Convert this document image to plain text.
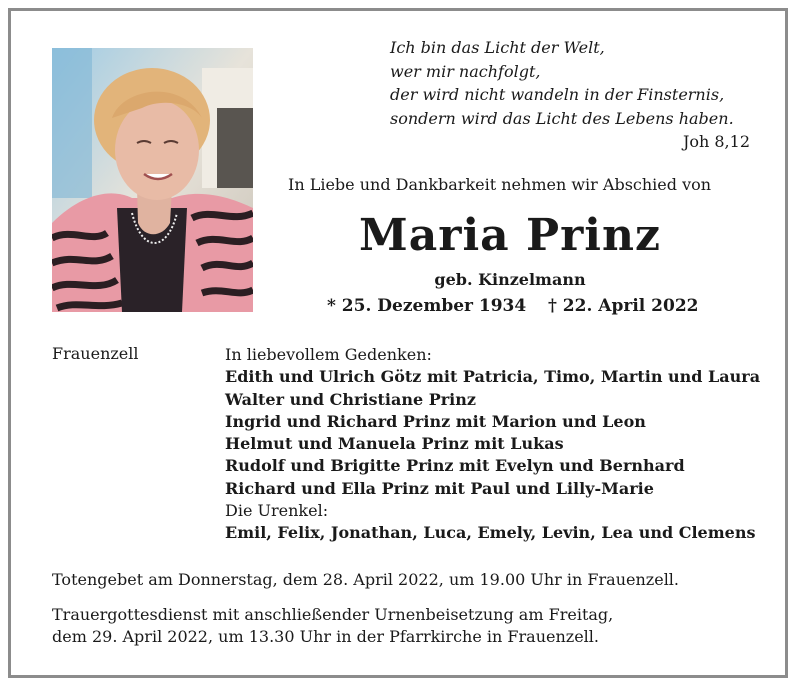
Ich bin das Licht der Welt,
wer mir nachfolgt,
der wird nicht wandeln in der Finsternis,
sondern wird das Licht des Lebens haben.
Joh 8,12
In Liebe und Dankbarkeit nehmen wir Abschied von
Maria Prinz
geb. Kinzelmann
* 25. Dezember 1934 † 22. April 2022
Frauenzell	In liebevollem Gedenken:
Edith und Ulrich Götz mit Patricia, Timo, Martin und Laura
Walter und Christiane Prinz
Ingrid und Richard Prinz mit Marion und Leon
Helmut und Manuela Prinz mit Lukas
Rudolf und Brigitte Prinz mit Evelyn und Bernhard
Richard und Ella Prinz mit Paul und Lilly-Marie
Die Urenkel:
Emil, Felix, Jonathan, Luca, Emely, Levin, Lea und Clemens

Totengebet am Donnerstag, dem 28. April 2022, um 19.00 Uhr in Frauenzell.

Trauergottesdienst mit anschließender Urnenbeisetzung am Freitag,
dem 29. April 2022, um 13.30 Uhr in der Pfarrkirche in Frauenzell.
